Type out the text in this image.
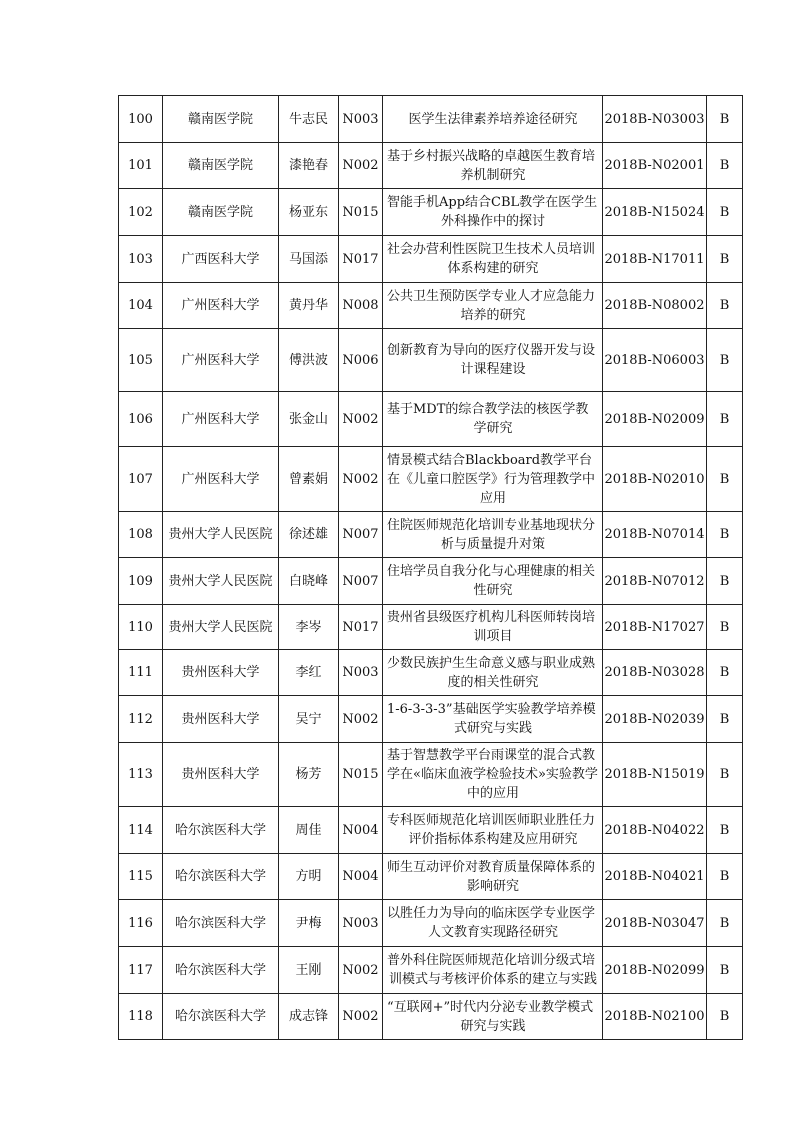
100	赣南医学院	牛志民	N003	医学生法律素养培养途径研究	2018B-N03003	B
101	赣南医学院	漆艳春	N002	基于乡村振兴战略的卓越医生教育培养机制研究	2018B-N02001	B
102	赣南医学院	杨亚东	N015	智能手机App结合CBL教学在医学生外科操作中的探讨	2018B-N15024	B
103	广西医科大学	马国添	N017	社会办营利性医院卫生技术人员培训体系构建的研究	2018B-N17011	B
104	广州医科大学	黄丹华	N008	公共卫生预防医学专业人才应急能力培养的研究	2018B-N08002	B
105	广州医科大学	傅洪波	N006	创新教育为导向的医疗仪器开发与设计课程建设	2018B-N06003	B
106	广州医科大学	张金山	N002	基于MDT的综合教学法的核医学教学研究	2018B-N02009	B
107	广州医科大学	曾素娟	N002	情景模式结合Blackboard教学平台在《儿童口腔医学》行为管理教学中应用	2018B-N02010	B
108	贵州大学人民医院	徐述雄	N007	住院医师规范化培训专业基地现状分析与质量提升对策	2018B-N07014	B
109	贵州大学人民医院	白晓峰	N007	住培学员自我分化与心理健康的相关性研究	2018B-N07012	B
110	贵州大学人民医院	李岑	N017	贵州省县级医疗机构儿科医师转岗培训项目	2018B-N17027	B
111	贵州医科大学	李红	N003	少数民族护生生命意义感与职业成熟度的相关性研究	2018B-N03028	B
112	贵州医科大学	吴宁	N002	1-6-3-3-3”基础医学实验教学培养模式研究与实践	2018B-N02039	B
113	贵州医科大学	杨芳	N015	基于智慧教学平台雨课堂的混合式教学在«临床血液学检验技术»实验教学中的应用	2018B-N15019	B
114	哈尔滨医科大学	周佳	N004	专科医师规范化培训医师职业胜任力评价指标体系构建及应用研究	2018B-N04022	B
115	哈尔滨医科大学	方明	N004	师生互动评价对教育质量保障体系的影响研究	2018B-N04021	B
116	哈尔滨医科大学	尹梅	N003	以胜任力为导向的临床医学专业医学人文教育实现路径研究	2018B-N03047	B
117	哈尔滨医科大学	王刚	N002	普外科住院医师规范化培训分级式培训模式与考核评价体系的建立与实践	2018B-N02099	B
118	哈尔滨医科大学	成志锋	N002	“互联网+”时代内分泌专业教学模式研究与实践	2018B-N02100	B
